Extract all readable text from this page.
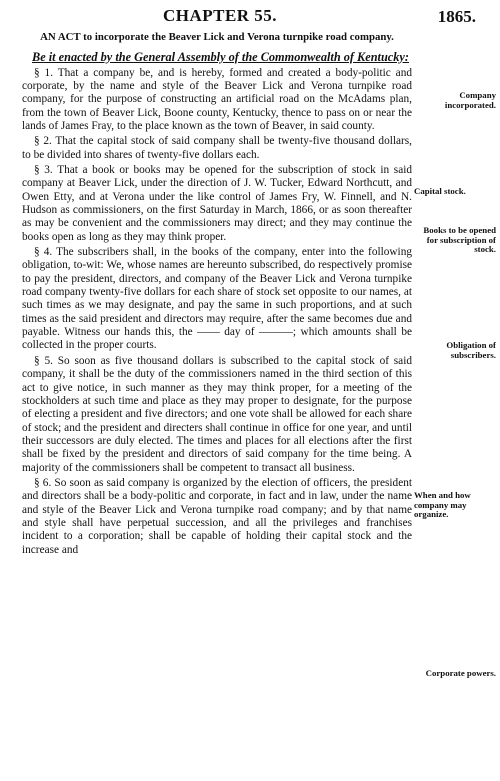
CHAPTER 55.	1865.

AN ACT to incorporate the Beaver Lick and Verona turnpike road company.

Be it enacted by the General Assembly of the Commonwealth of Kentucky:

§ 1. That a company be, and is hereby, formed and created a body-politic and corporate, by the name and style of the Beaver Lick and Verona turnpike road company, for the purpose of constructing an artificial road on the McAdams plan, from the town of Beaver Lick, Boone county, Kentucky, thence to pass on or near the lands of James Fray, to the place known as the town of Beaver, in said county.

§ 2. That the capital stock of said company shall be twenty-five thousand dollars, to be divided into shares of twenty-five dollars each.

§ 3. That a book or books may be opened for the subscription of stock in said company at Beaver Lick, under the direction of J. W. Tucker, Edward Northcutt, and Owen Etty, and at Verona under the like control of James Fry, W. Finnell, and N. Hudson as commissioners, on the first Saturday in March, 1866, or as soon thereafter as may be convenient and the commissioners may direct; and they may continue the books open as long as they may think proper.

§ 4. The subscribers shall, in the books of the company, enter into the following obligation, to-wit: We, whose names are hereunto subscribed, do respectively promise to pay the president, directors, and company of the Beaver Lick and Verona turnpike road company twenty-five dollars for each share of stock set opposite to our names, at such times as we may designate, and pay the same in such proportions, and at such times as the said president and directors may require, after the same becomes due and payable. Witness our hands this, the —— day of ———; which amounts shall be collected in the proper courts.

§ 5. So soon as five thousand dollars is subscribed to the capital stock of said company, it shall be the duty of the commissioners named in the third section of this act to give notice, in such manner as they may think proper, for a meeting of the stockholders at such time and place as they may proper to designate, for the purpose of electing a president and five directors; and one vote shall be allowed for each share of stock; and the president and directers shall continue in office for one year, and until their successors are duly elected. The times and places for all elections after the first shall be fixed by the president and directors of said company for the time being. A majority of the commissioners shall be competent to transact all business.

§ 6. So soon as said company is organized by the election of officers, the president and directors shall be a body-politic and corporate, in fact and in law, under the name and style of the Beaver Lick and Verona turnpike road company; and by that name and style shall have perpetual succession, and all the privileges and franchises incident to a corporation; shall be capable of holding their capital stock and the increase and

Company incorporated.
Capital stock.
Books to be opened for subscription of stock.
Obligation of subscribers.
When and how company may organize.
Corporate powers.
